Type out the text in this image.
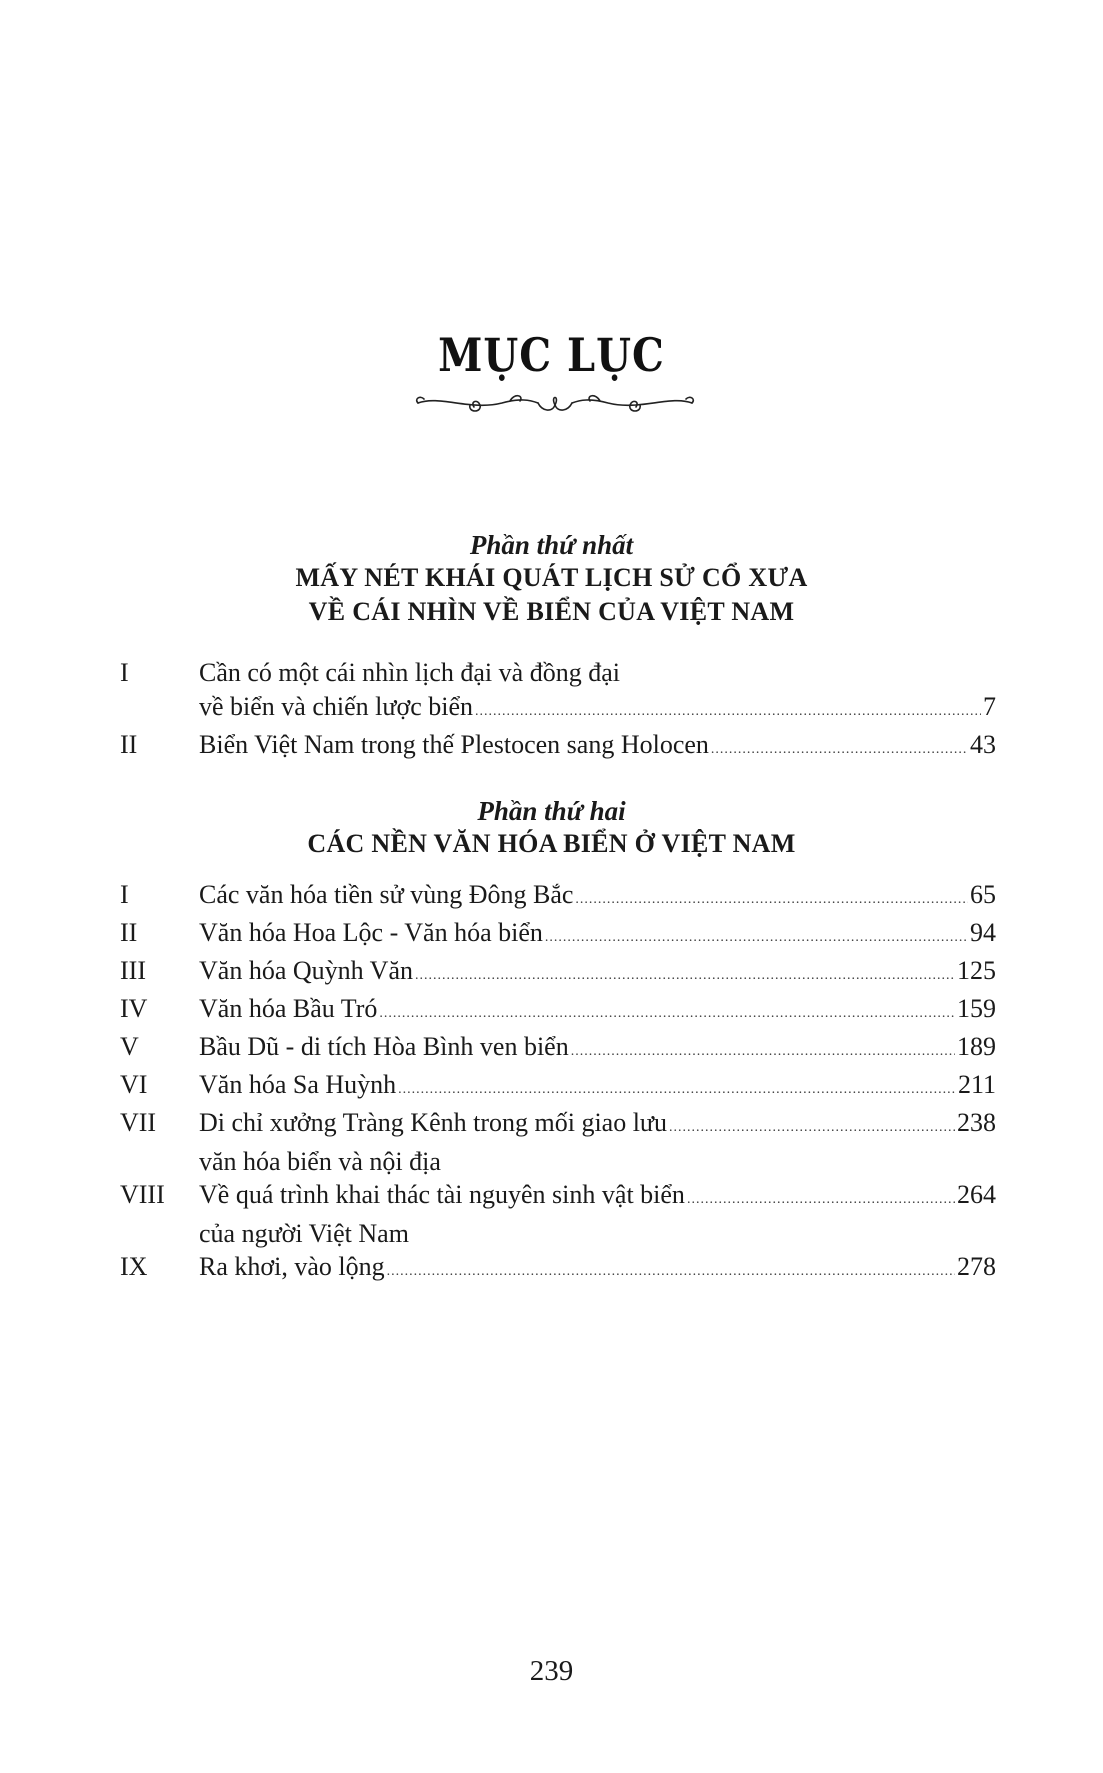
MỤC LỤC
Phần thứ nhất
MẤY NÉT KHÁI QUÁT LỊCH SỬ CỔ XƯA
VỀ CÁI NHÌN VỀ BIỂN CỦA VIỆT NAM
I	Cần có một cái nhìn lịch đại và đồng đại
về biển và chiến lược biển .....	7
II	Biển Việt Nam trong thế Plestocen sang Holocen .....	43
Phần thứ hai
CÁC NỀN VĂN HÓA BIỂN Ở VIỆT NAM
I	Các văn hóa tiền sử vùng Đông Bắc .....	65
II	Văn hóa Hoa Lộc - Văn hóa biển .....	94
III	Văn hóa Quỳnh Văn .....	125
IV	Văn hóa Bầu Tró .....	159
V	Bầu Dũ - di tích Hòa Bình ven biển .....	189
VI	Văn hóa Sa Huỳnh .....	211
VII	Di chỉ xưởng Tràng Kênh trong mối giao lưu .....	238
văn hóa biển và nội địa
VIII	Về quá trình khai thác tài nguyên sinh vật biển .....	264
của người Việt Nam
IX	Ra khơi, vào lộng .....	278
239
